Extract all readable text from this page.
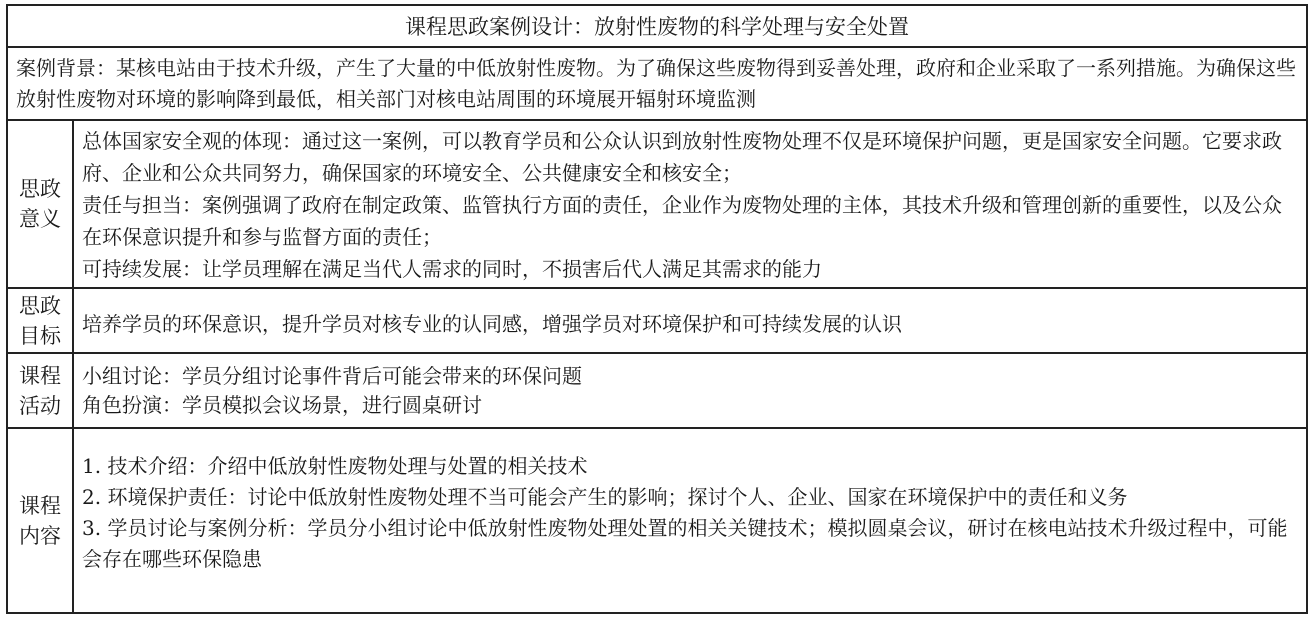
课程思政案例设计：放射性废物的科学处理与安全处置
案例背景：某核电站由于技术升级，产生了大量的中低放射性废物。为了确保这些废物得到妥善处理，政府和企业采取了一系列措施。为确保这些放射性废物对环境的影响降到最低，相关部门对核电站周围的环境展开辐射环境监测
思政
意义

总体国家安全观的体现：通过这一案例，可以教育学员和公众认识到放射性废物处理不仅是环境保护问题，更是国家安全问题。它要求政府、企业和公众共同努力，确保国家的环境安全、公共健康安全和核安全；

责任与担当：案例强调了政府在制定政策、监管执行方面的责任，企业作为废物处理的主体，其技术升级和管理创新的重要性，以及公众在环保意识提升和参与监督方面的责任；

可持续发展：让学员理解在满足当代人需求的同时，不损害后代人满足其需求的能力

思政
目标 培养学员的环保意识，提升学员对核专业的认同感，增强学员对环境保护和可持续发展的认识

课程
活动

小组讨论：学员分组讨论事件背后可能会带来的环保问题

角色扮演：学员模拟会议场景，进行圆桌研讨

课程
内容

1. 技术介绍：介绍中低放射性废物处理与处置的相关技术

2. 环境保护责任：讨论中低放射性废物处理不当可能会产生的影响；探讨个人、企业、国家在环境保护中的责任和义务

3. 学员讨论与案例分析：学员分小组讨论中低放射性废物处理处置的相关关键技术；模拟圆桌会议，研讨在核电站技术升级过程中，可能会存在哪些环保隐患
